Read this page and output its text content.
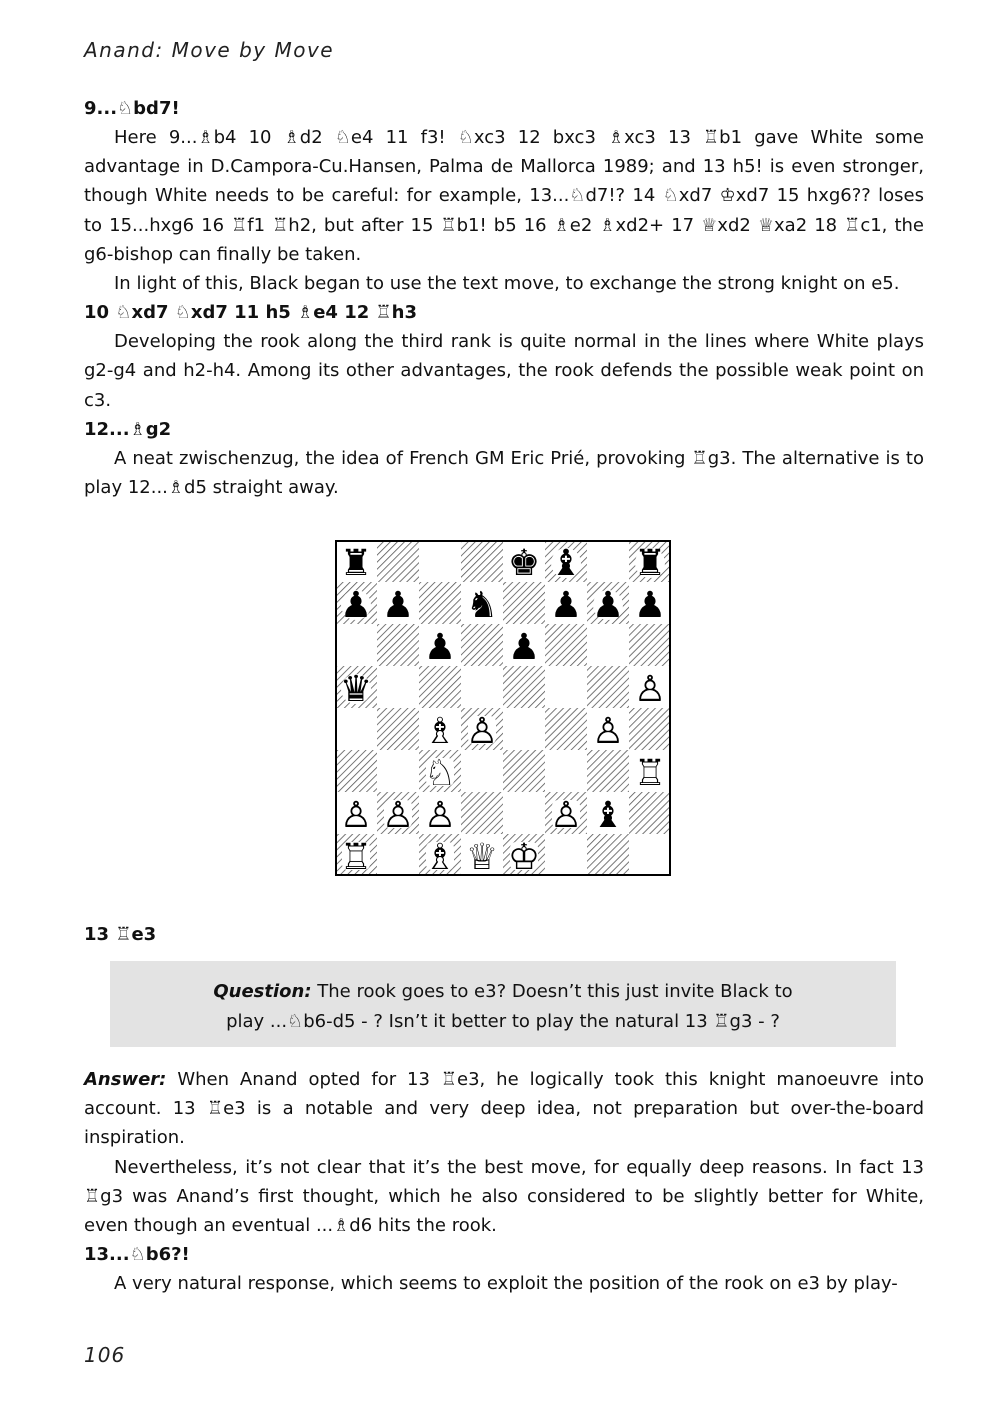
Anand: Move by Move

9...♘bd7!

Here 9...♗b4 10 ♗d2 ♘e4 11 f3! ♘xc3 12 bxc3 ♗xc3 13 ♖b1 gave White some advantage in D.Campora-Cu.Hansen, Palma de Mallorca 1989; and 13 h5! is even stronger, though White needs to be careful: for example, 13...♘d7!? 14 ♘xd7 ♔xd7 15 hxg6?? loses to 15...hxg6 16 ♖f1 ♖h2, but after 15 ♖b1! b5 16 ♗e2 ♗xd2+ 17 ♕xd2 ♕xa2 18 ♖c1, the g6-bishop can finally be taken.

In light of this, Black began to use the text move, to exchange the strong knight on e5.

10 ♘xd7 ♘xd7 11 h5 ♗e4 12 ♖h3

Developing the rook along the third rank is quite normal in the lines where White plays g2-g4 and h2-h4. Among its other advantages, the rook defends the possible weak point on c3.

12...♗g2

A neat zwischenzug, the idea of French GM Eric Prié, provoking ♖g3. The alternative is to play 12...♗d5 straight away.

♜	♚ ♝ ♜
♟ ♟ ♞ ♟ ♟ ♟
♟ ♟
♛	♙
♗ ♙	♙
♘	♖
♙ ♙ ♙	♙ ♝
♖ ♗ ♕ ♔

13 ♖e3

Question: The rook goes to e3? Doesn’t this just invite Black to
play ...♘b6-d5 - ? Isn’t it better to play the natural 13 ♖g3 - ?

Answer: When Anand opted for 13 ♖e3, he logically took this knight manoeuvre into account. 13 ♖e3 is a notable and very deep idea, not preparation but over-the-board inspiration.

Nevertheless, it’s not clear that it’s the best move, for equally deep reasons. In fact 13 ♖g3 was Anand’s first thought, which he also considered to be slightly better for White, even though an eventual ...♗d6 hits the rook.

13...♘b6?!

A very natural response, which seems to exploit the position of the rook on e3 by play-

106
